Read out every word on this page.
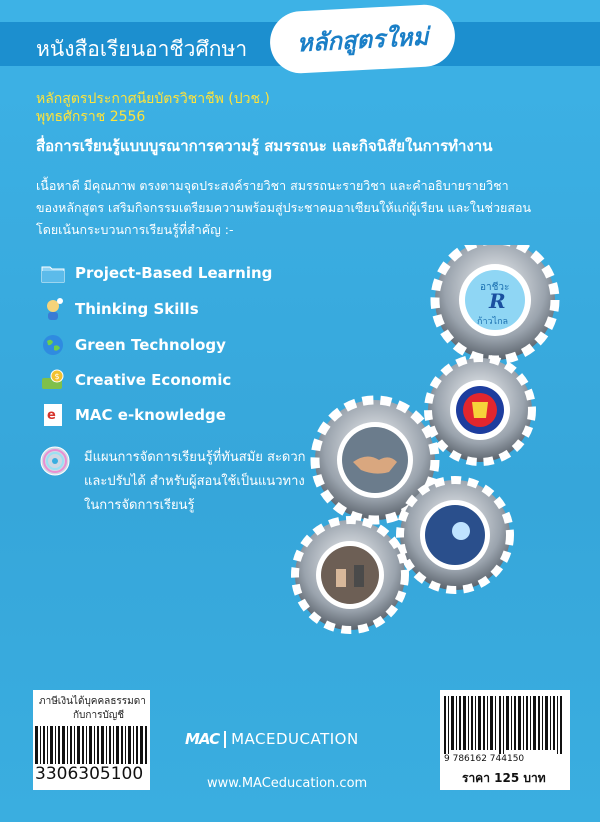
หนังสือเรียนอาชีวศึกษา หลักสูตรใหม่
หลักสูตรประกาศนียบัตรวิชาชีพ (ปวช.)
พุทธศักราช 2556
สื่อการเรียนรู้แบบบูรณาการความรู้ สมรรถนะ และกิจนิสัยในการทำงาน
เนื้อหาดี มีคุณภาพ ตรงตามจุดประสงค์รายวิชา สมรรถนะรายวิชา และคำอธิบายรายวิชา
ของหลักสูตร เสริมกิจกรรมเตรียมความพร้อมสู่ประชาคมอาเซียนให้แก่ผู้เรียน และในช่วยสอน
โดยเน้นกระบวนการเรียนรู้ที่สำคัญ :-
Project-Based Learning
Thinking Skills
Green Technology
$ Creative Economic
e MAC e-knowledge
มีแผนการจัดการเรียนรู้ที่ทันสมัย สะดวก
และปรับได้ สำหรับผู้สอนใช้เป็นแนวทาง
ในการจัดการเรียนรู้
อาชีวะ
R
ก้าวไกล
ภาษีเงินได้บุคคลธรรมดา
กับการบัญชี
3306305100
MAC MACEDUCATION
www.MACeducation.com
9 786162 744150
ราคา 125 บาท
